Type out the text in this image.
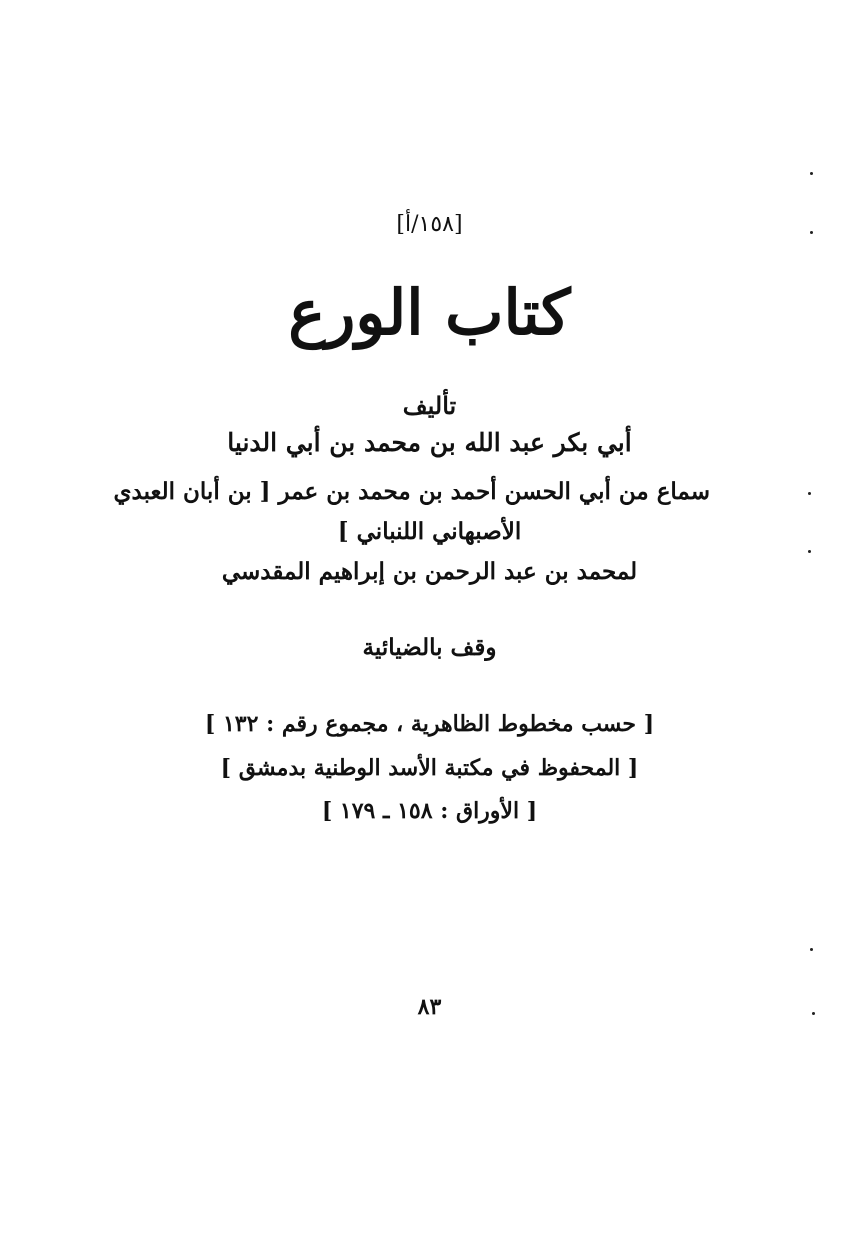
[١٥٨/أ]
كتاب الورع
تأليف
أبي بكر عبد الله بن محمد بن أبي الدنيا
سماع من أبي الحسن أحمد بن محمد بن عمر [ بن أبان العبدي
الأصبهاني اللنباني ]
لمحمد بن عبد الرحمن بن إبراهيم المقدسي
وقف بالضيائية
[ حسب مخطوط الظاهرية ، مجموع رقم : ١٣٢ ]
[ المحفوظ في مكتبة الأسد الوطنية بدمشق ]
[ الأوراق : ١٥٨ ـ ١٧٩ ]
٨٣
